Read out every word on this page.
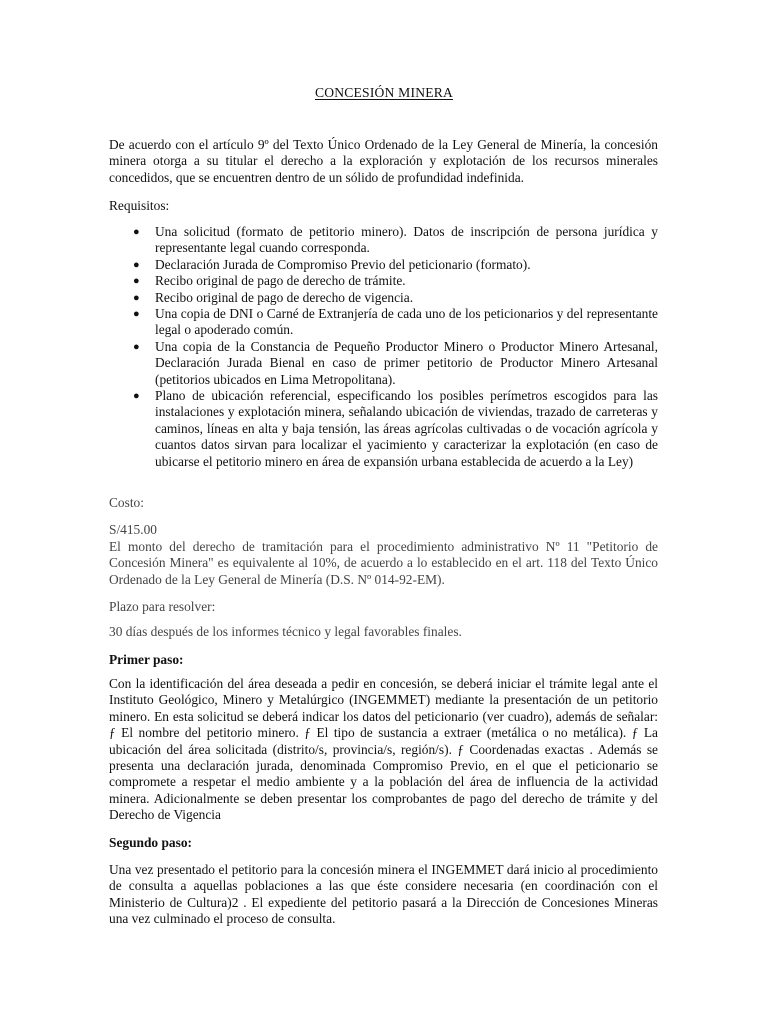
CONCESIÓN MINERA

De acuerdo con el artículo 9º del Texto Único Ordenado de la Ley General de Minería, la concesión minera otorga a su titular el derecho a la exploración y explotación de los recursos minerales concedidos, que se encuentren dentro de un sólido de profundidad indefinida.

Requisitos:

● Una solicitud (formato de petitorio minero). Datos de inscripción de persona jurídica y representante legal cuando corresponda.
● Declaración Jurada de Compromiso Previo del peticionario (formato).
● Recibo original de pago de derecho de trámite.
● Recibo original de pago de derecho de vigencia.
● Una copia de DNI o Carné de Extranjería de cada uno de los peticionarios y del representante legal o apoderado común.
● Una copia de la Constancia de Pequeño Productor Minero o Productor Minero Artesanal, Declaración Jurada Bienal en caso de primer petitorio de Productor Minero Artesanal (petitorios ubicados en Lima Metropolitana).
● Plano de ubicación referencial, especificando los posibles perímetros escogidos para las instalaciones y explotación minera, señalando ubicación de viviendas, trazado de carreteras y caminos, líneas en alta y baja tensión, las áreas agrícolas cultivadas o de vocación agrícola y cuantos datos sirvan para localizar el yacimiento y caracterizar la explotación (en caso de ubicarse el petitorio minero en área de expansión urbana establecida de acuerdo a la Ley)

Costo:

S/415.00

El monto del derecho de tramitación para el procedimiento administrativo Nº 11 "Petitorio de Concesión Minera" es equivalente al 10%, de acuerdo a lo establecido en el art. 118 del Texto Único Ordenado de la Ley General de Minería (D.S. Nº 014-92-EM).

Plazo para resolver:

30 días después de los informes técnico y legal favorables finales.

Primer paso:

Con la identificación del área deseada a pedir en concesión, se deberá iniciar el trámite legal ante el Instituto Geológico, Minero y Metalúrgico (INGEMMET) mediante la presentación de un petitorio minero. En esta solicitud se deberá indicar los datos del peticionario (ver cuadro), además de señalar: ƒ El nombre del petitorio minero. ƒ El tipo de sustancia a extraer (metálica o no metálica). ƒ La ubicación del área solicitada (distrito/s, provincia/s, región/s). ƒ Coordenadas exactas . Además se presenta una declaración jurada, denominada Compromiso Previo, en el que el peticionario se compromete a respetar el medio ambiente y a la población del área de influencia de la actividad minera. Adicionalmente se deben presentar los comprobantes de pago del derecho de trámite y del Derecho de Vigencia

Segundo paso:

Una vez presentado el petitorio para la concesión minera el INGEMMET dará inicio al procedimiento de consulta a aquellas poblaciones a las que éste considere necesaria (en coordinación con el Ministerio de Cultura)2 . El expediente del petitorio pasará a la Dirección de Concesiones Mineras una vez culminado el proceso de consulta.
